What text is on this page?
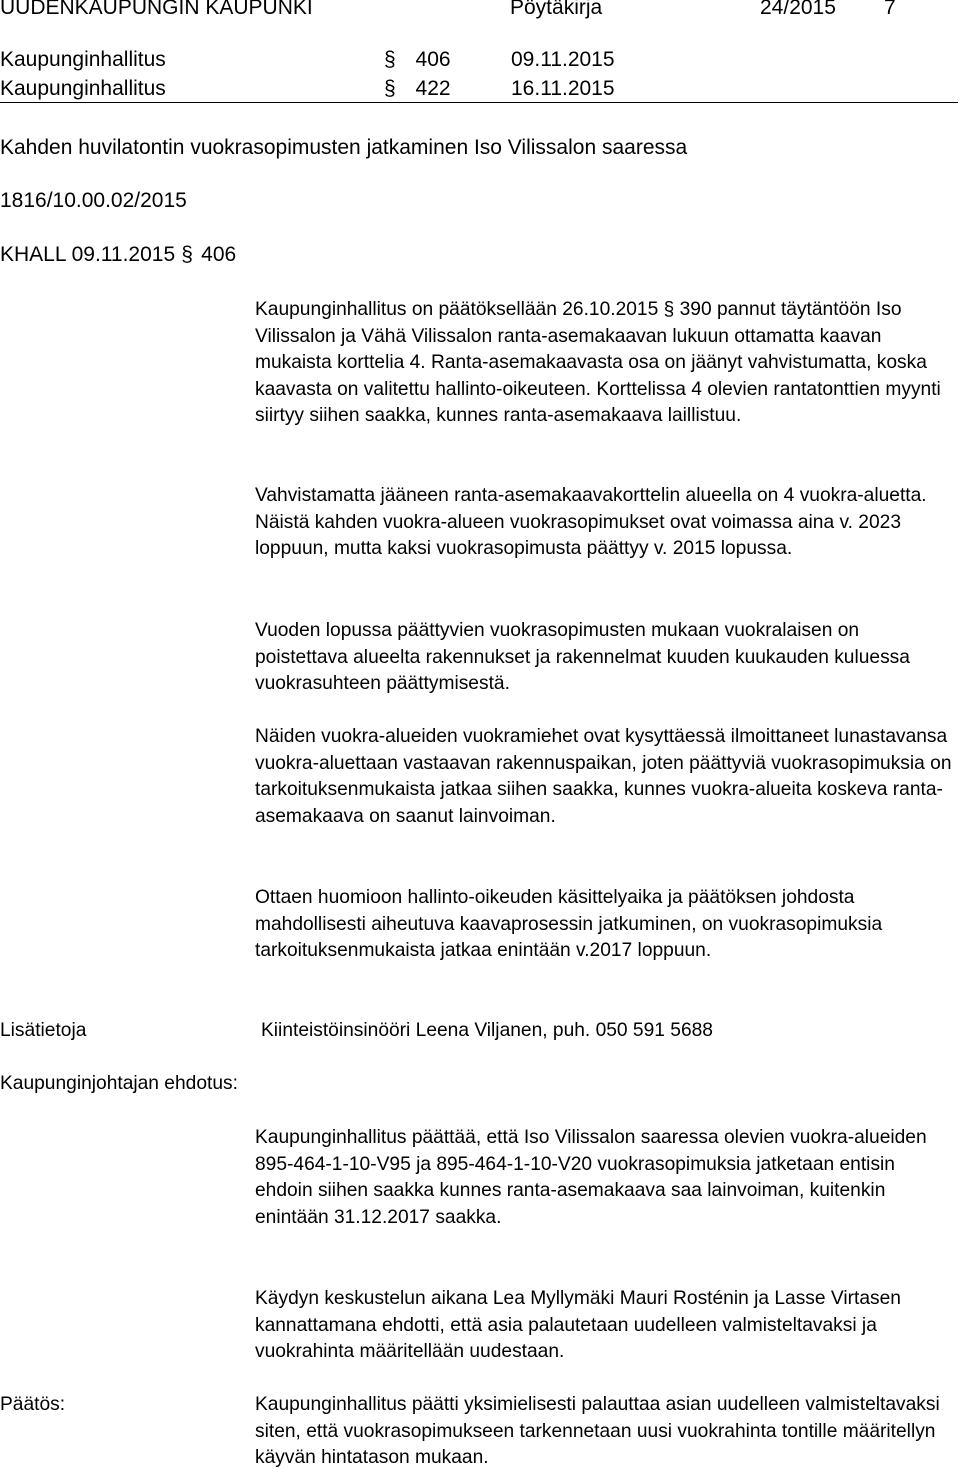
UUDENKAUPUNGIN KAUPUNKI	Pöytäkirja	24/2015 7
Kaupunginhallitus	§ 406	09.11.2015
Kaupunginhallitus	§ 422	16.11.2015
Kahden huvilatontin vuokrasopimusten jatkaminen Iso Vilissalon saaressa
1816/10.00.02/2015
KHALL 09.11.2015 § 406

Kaupunginhallitus on päätöksellään 26.10.2015 § 390 pannut täytäntöön Iso Vilissalon ja Vähä Vilissalon ranta-asemakaavan lukuun ottamatta kaavan mukaista korttelia 4. Ranta-asemakaavasta osa on jäänyt vahvistumatta, koska kaavasta on valitettu hallinto-oikeuteen. Korttelissa 4 olevien rantatonttien myynti siirtyy siihen saakka, kunnes ranta-asemakaava laillistuu.

Vahvistamatta jääneen ranta-asemakaavakorttelin alueella on 4 vuokra-aluetta. Näistä kahden vuokra-alueen vuokrasopimukset ovat voimassa aina v. 2023 loppuun, mutta kaksi vuokrasopimusta päättyy v. 2015 lopussa.

Vuoden lopussa päättyvien vuokrasopimusten mukaan vuokralaisen on poistettava alueelta rakennukset ja rakennelmat kuuden kuukauden kuluessa vuokrasuhteen päättymisestä.

Näiden vuokra-alueiden vuokramiehet ovat kysyttäessä ilmoittaneet lunastavansa vuokra-aluettaan vastaavan rakennuspaikan, joten päättyviä vuokrasopimuksia on tarkoituksenmukaista jatkaa siihen saakka, kunnes vuokra-alueita koskeva ranta-asemakaava on saanut lainvoiman.

Ottaen huomioon hallinto-oikeuden käsittelyaika ja päätöksen johdosta mahdollisesti aiheutuva kaavaprosessin jatkuminen, on vuokrasopimuksia tarkoituksenmukaista jatkaa enintään v.2017 loppuun.

Lisätietoja	Kiinteistöinsinööri Leena Viljanen, puh. 050 591 5688
Kaupunginjohtajan ehdotus:

Kaupunginhallitus päättää, että Iso Vilissalon saaressa olevien vuokra-alueiden 895-464-1-10-V95 ja 895-464-1-10-V20 vuokrasopimuksia jatketaan entisin ehdoin siihen saakka kunnes ranta-asemakaava saa lainvoiman, kuitenkin enintään 31.12.2017 saakka.

Käydyn keskustelun aikana Lea Myllymäki Mauri Rosténin ja Lasse Virtasen kannattamana ehdotti, että asia palautetaan uudelleen valmisteltavaksi ja vuokrahinta määritellään uudestaan.

Päätös:	Kaupunginhallitus päätti yksimielisesti palauttaa asian uudelleen valmisteltavaksi siten, että vuokrasopimukseen tarkennetaan uusi vuokrahinta tontille määritellyn käyvän hintatason mukaan.
